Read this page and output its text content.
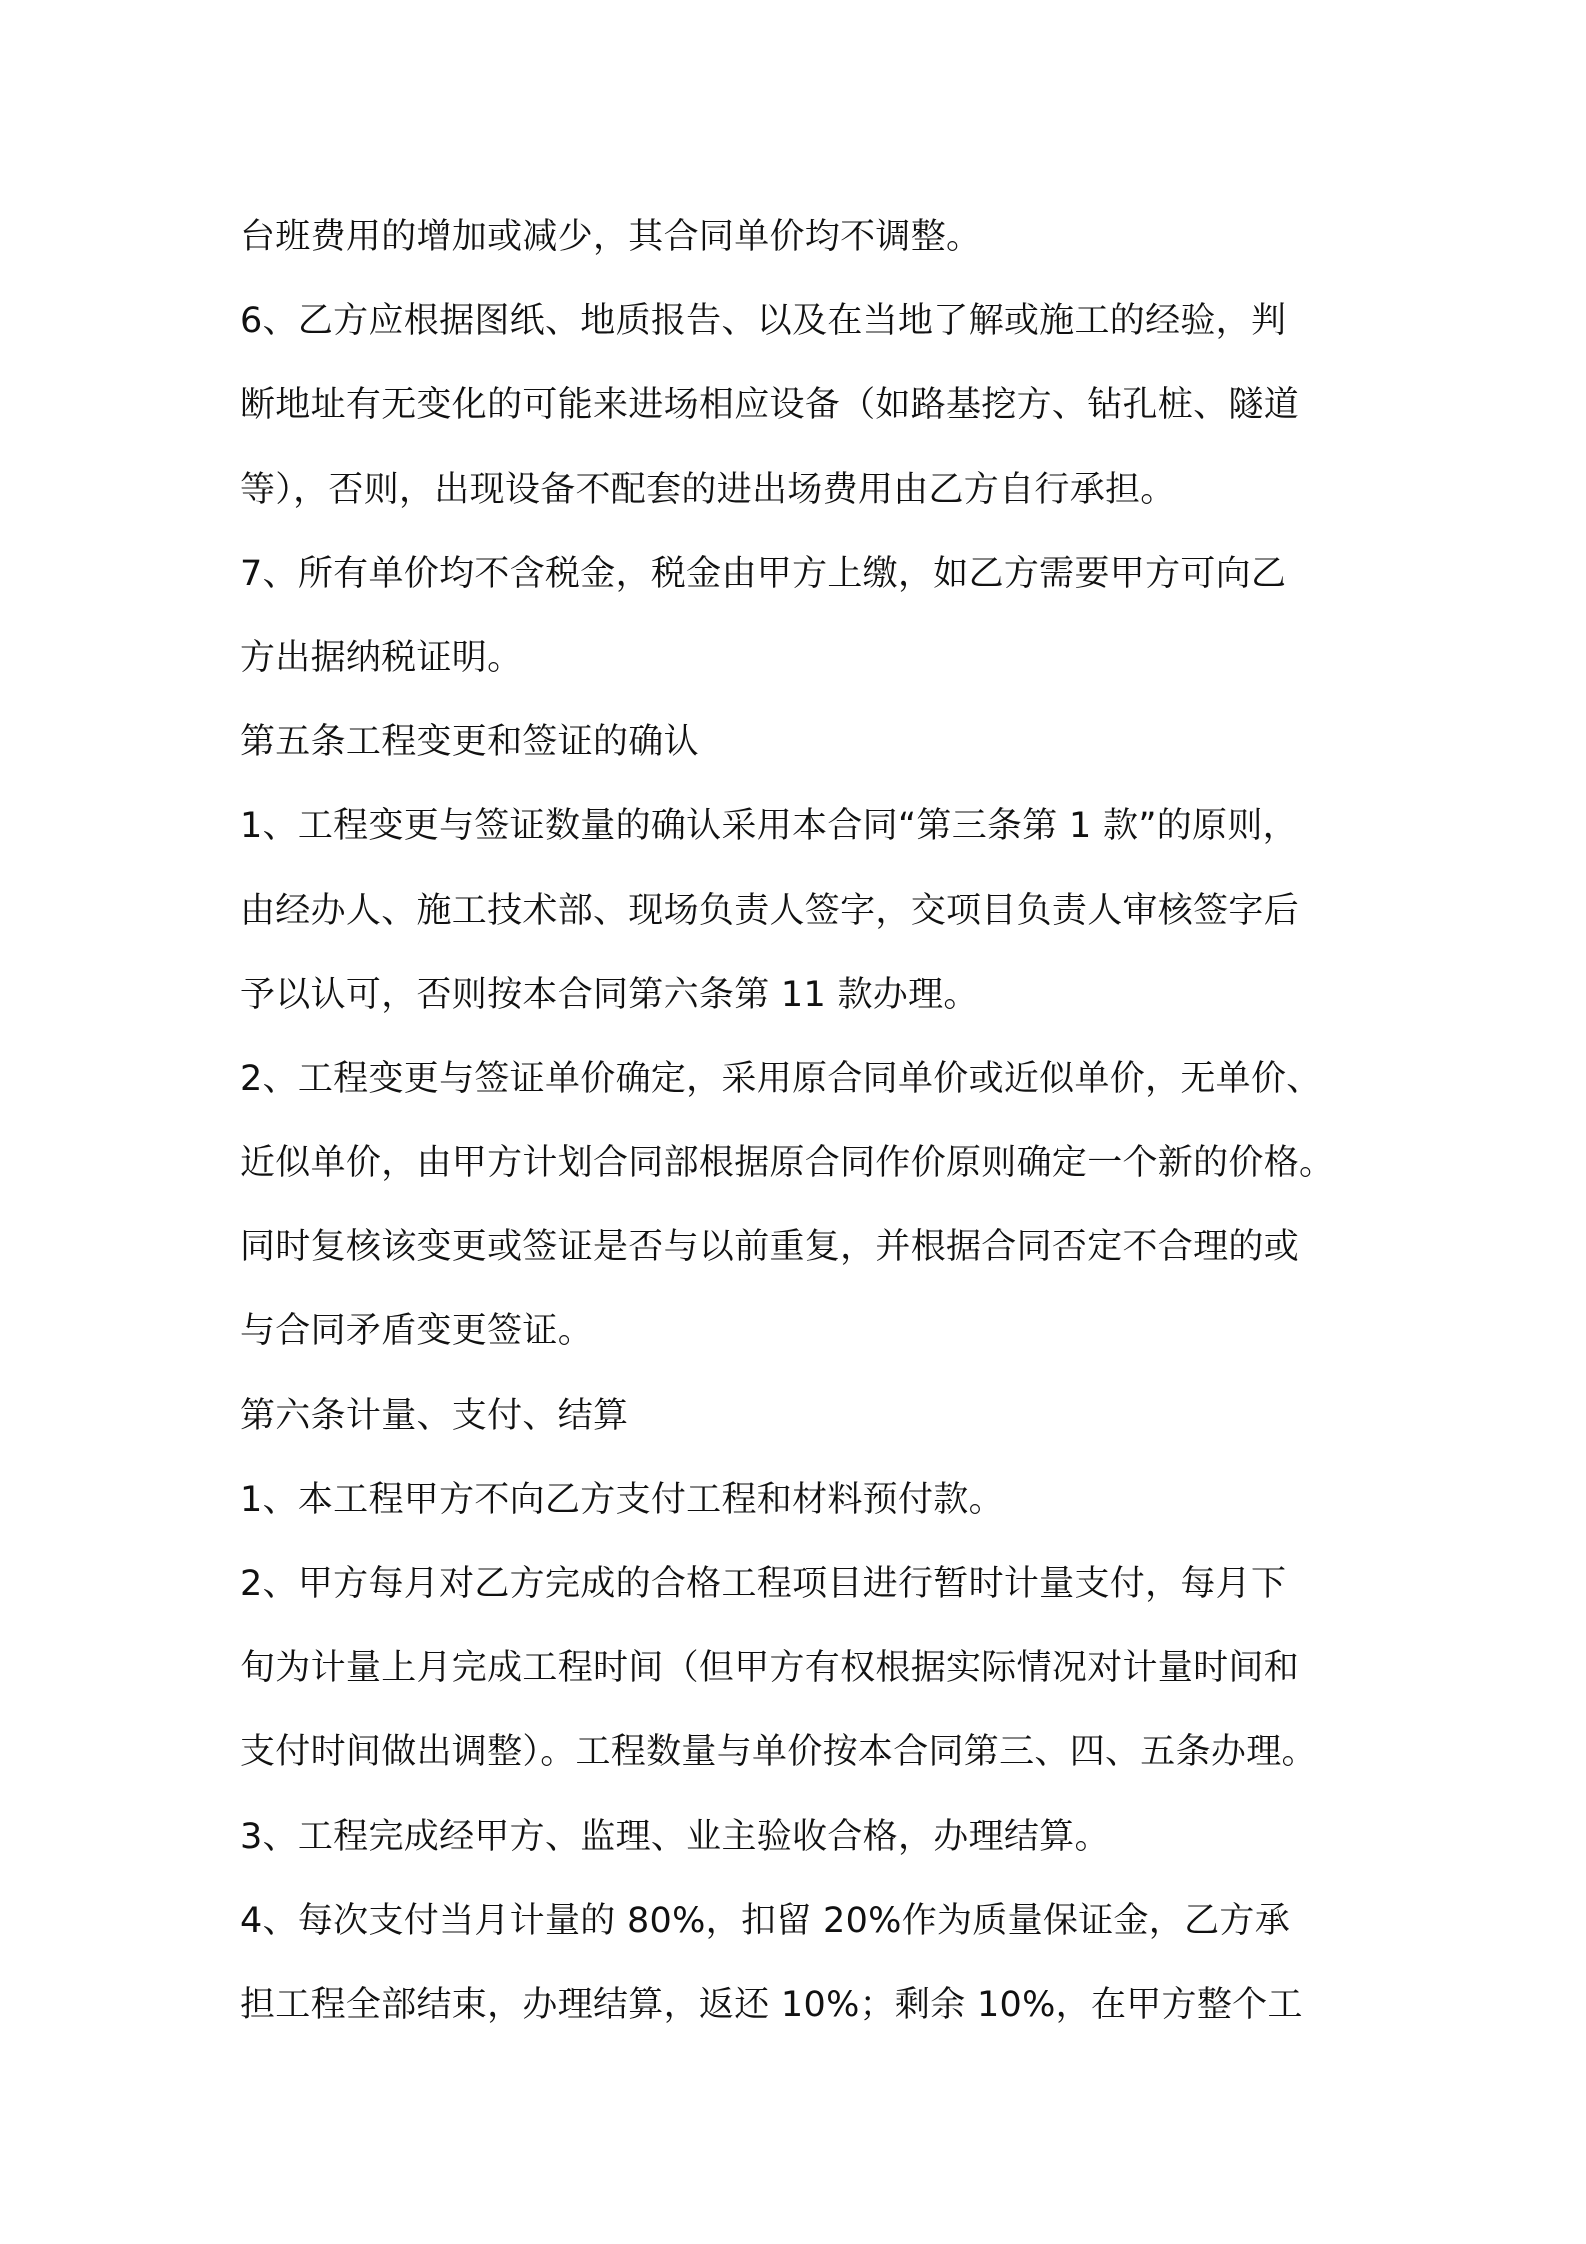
台班费用的增加或减少，其合同单价均不调整。
6、乙方应根据图纸、地质报告、以及在当地了解或施工的经验，判
断地址有无变化的可能来进场相应设备（如路基挖方、钻孔桩、隧道
等），否则，出现设备不配套的进出场费用由乙方自行承担。
7、所有单价均不含税金，税金由甲方上缴，如乙方需要甲方可向乙
方出据纳税证明。
第五条工程变更和签证的确认
1、工程变更与签证数量的确认采用本合同“第三条第 1 款”的原则，
由经办人、施工技术部、现场负责人签字，交项目负责人审核签字后
予以认可，否则按本合同第六条第 11 款办理。
2、工程变更与签证单价确定，采用原合同单价或近似单价，无单价、
近似单价，由甲方计划合同部根据原合同作价原则确定一个新的价格。
同时复核该变更或签证是否与以前重复，并根据合同否定不合理的或
与合同矛盾变更签证。
第六条计量、支付、结算
1、本工程甲方不向乙方支付工程和材料预付款。
2、甲方每月对乙方完成的合格工程项目进行暂时计量支付，每月下
旬为计量上月完成工程时间（但甲方有权根据实际情况对计量时间和
支付时间做出调整）。工程数量与单价按本合同第三、四、五条办理。
3、工程完成经甲方、监理、业主验收合格，办理结算。
4、每次支付当月计量的 80%，扣留 20%作为质量保证金，乙方承
担工程全部结束，办理结算，返还 10%；剩余 10%，在甲方整个工
